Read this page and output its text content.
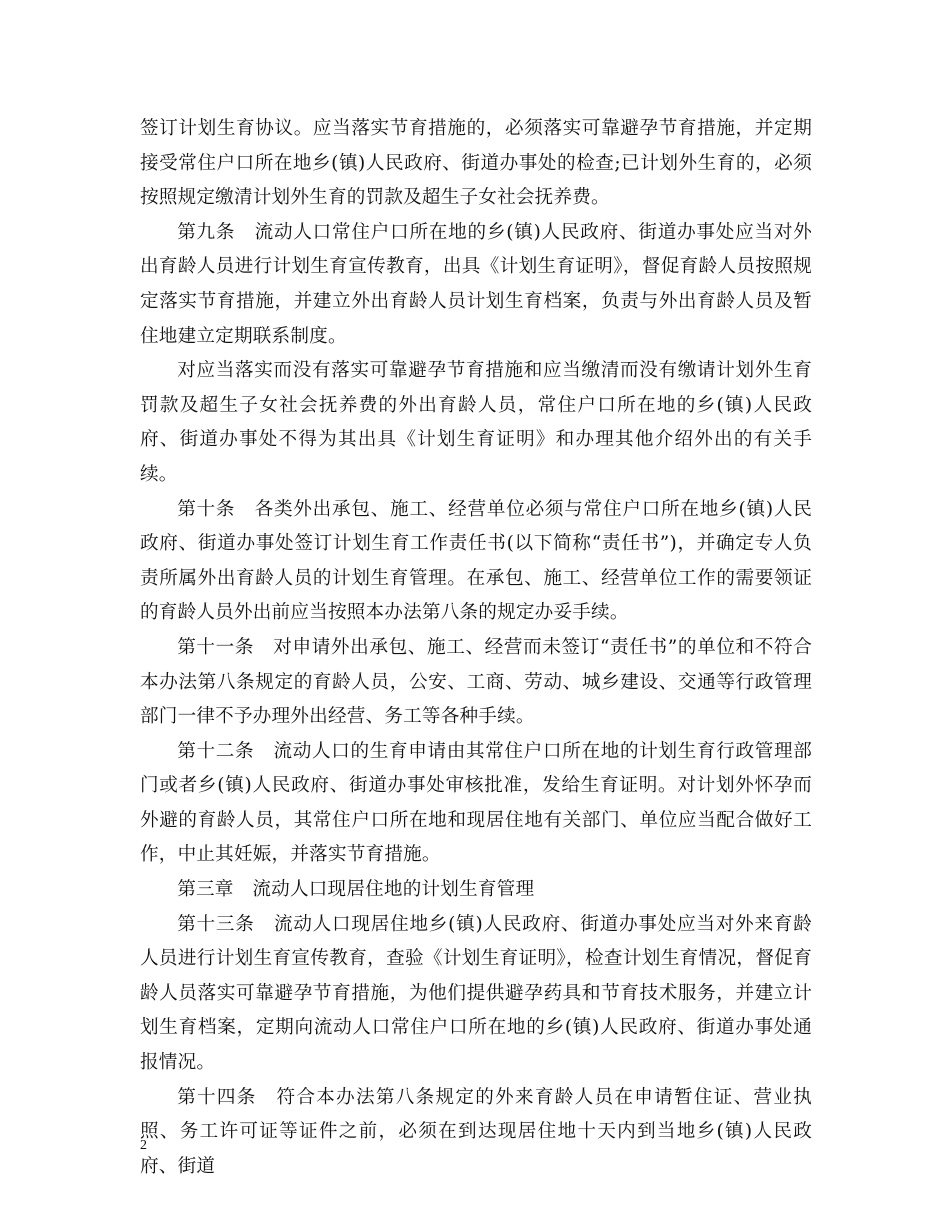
签订计划生育协议。应当落实节育措施的，必须落实可靠避孕节育措施，并定期接受常住户口所在地乡(镇)人民政府、街道办事处的检查;已计划外生育的，必须按照规定缴清计划外生育的罚款及超生子女社会抚养费。

第九条　流动人口常住户口所在地的乡(镇)人民政府、街道办事处应当对外出育龄人员进行计划生育宣传教育，出具《计划生育证明》，督促育龄人员按照规定落实节育措施，并建立外出育龄人员计划生育档案，负责与外出育龄人员及暂住地建立定期联系制度。

对应当落实而没有落实可靠避孕节育措施和应当缴清而没有缴请计划外生育罚款及超生子女社会抚养费的外出育龄人员，常住户口所在地的乡(镇)人民政府、街道办事处不得为其出具《计划生育证明》和办理其他介绍外出的有关手续。

第十条　各类外出承包、施工、经营单位必须与常住户口所在地乡(镇)人民政府、街道办事处签订计划生育工作责任书(以下简称“责任书”)，并确定专人负责所属外出育龄人员的计划生育管理。在承包、施工、经营单位工作的需要领证的育龄人员外出前应当按照本办法第八条的规定办妥手续。

第十一条　对申请外出承包、施工、经营而未签订“责任书”的单位和不符合本办法第八条规定的育龄人员，公安、工商、劳动、城乡建设、交通等行政管理部门一律不予办理外出经营、务工等各种手续。

第十二条　流动人口的生育申请由其常住户口所在地的计划生育行政管理部门或者乡(镇)人民政府、街道办事处审核批准，发给生育证明。对计划外怀孕而外避的育龄人员，其常住户口所在地和现居住地有关部门、单位应当配合做好工作，中止其妊娠，并落实节育措施。

第三章　流动人口现居住地的计划生育管理

第十三条　流动人口现居住地乡(镇)人民政府、街道办事处应当对外来育龄人员进行计划生育宣传教育，查验《计划生育证明》，检查计划生育情况，督促育龄人员落实可靠避孕节育措施，为他们提供避孕药具和节育技术服务，并建立计划生育档案，定期向流动人口常住户口所在地的乡(镇)人民政府、街道办事处通报情况。

第十四条　符合本办法第八条规定的外来育龄人员在申请暂住证、营业执照、务工许可证等证件之前，必须在到达现居住地十天内到当地乡(镇)人民政府、街道

2
